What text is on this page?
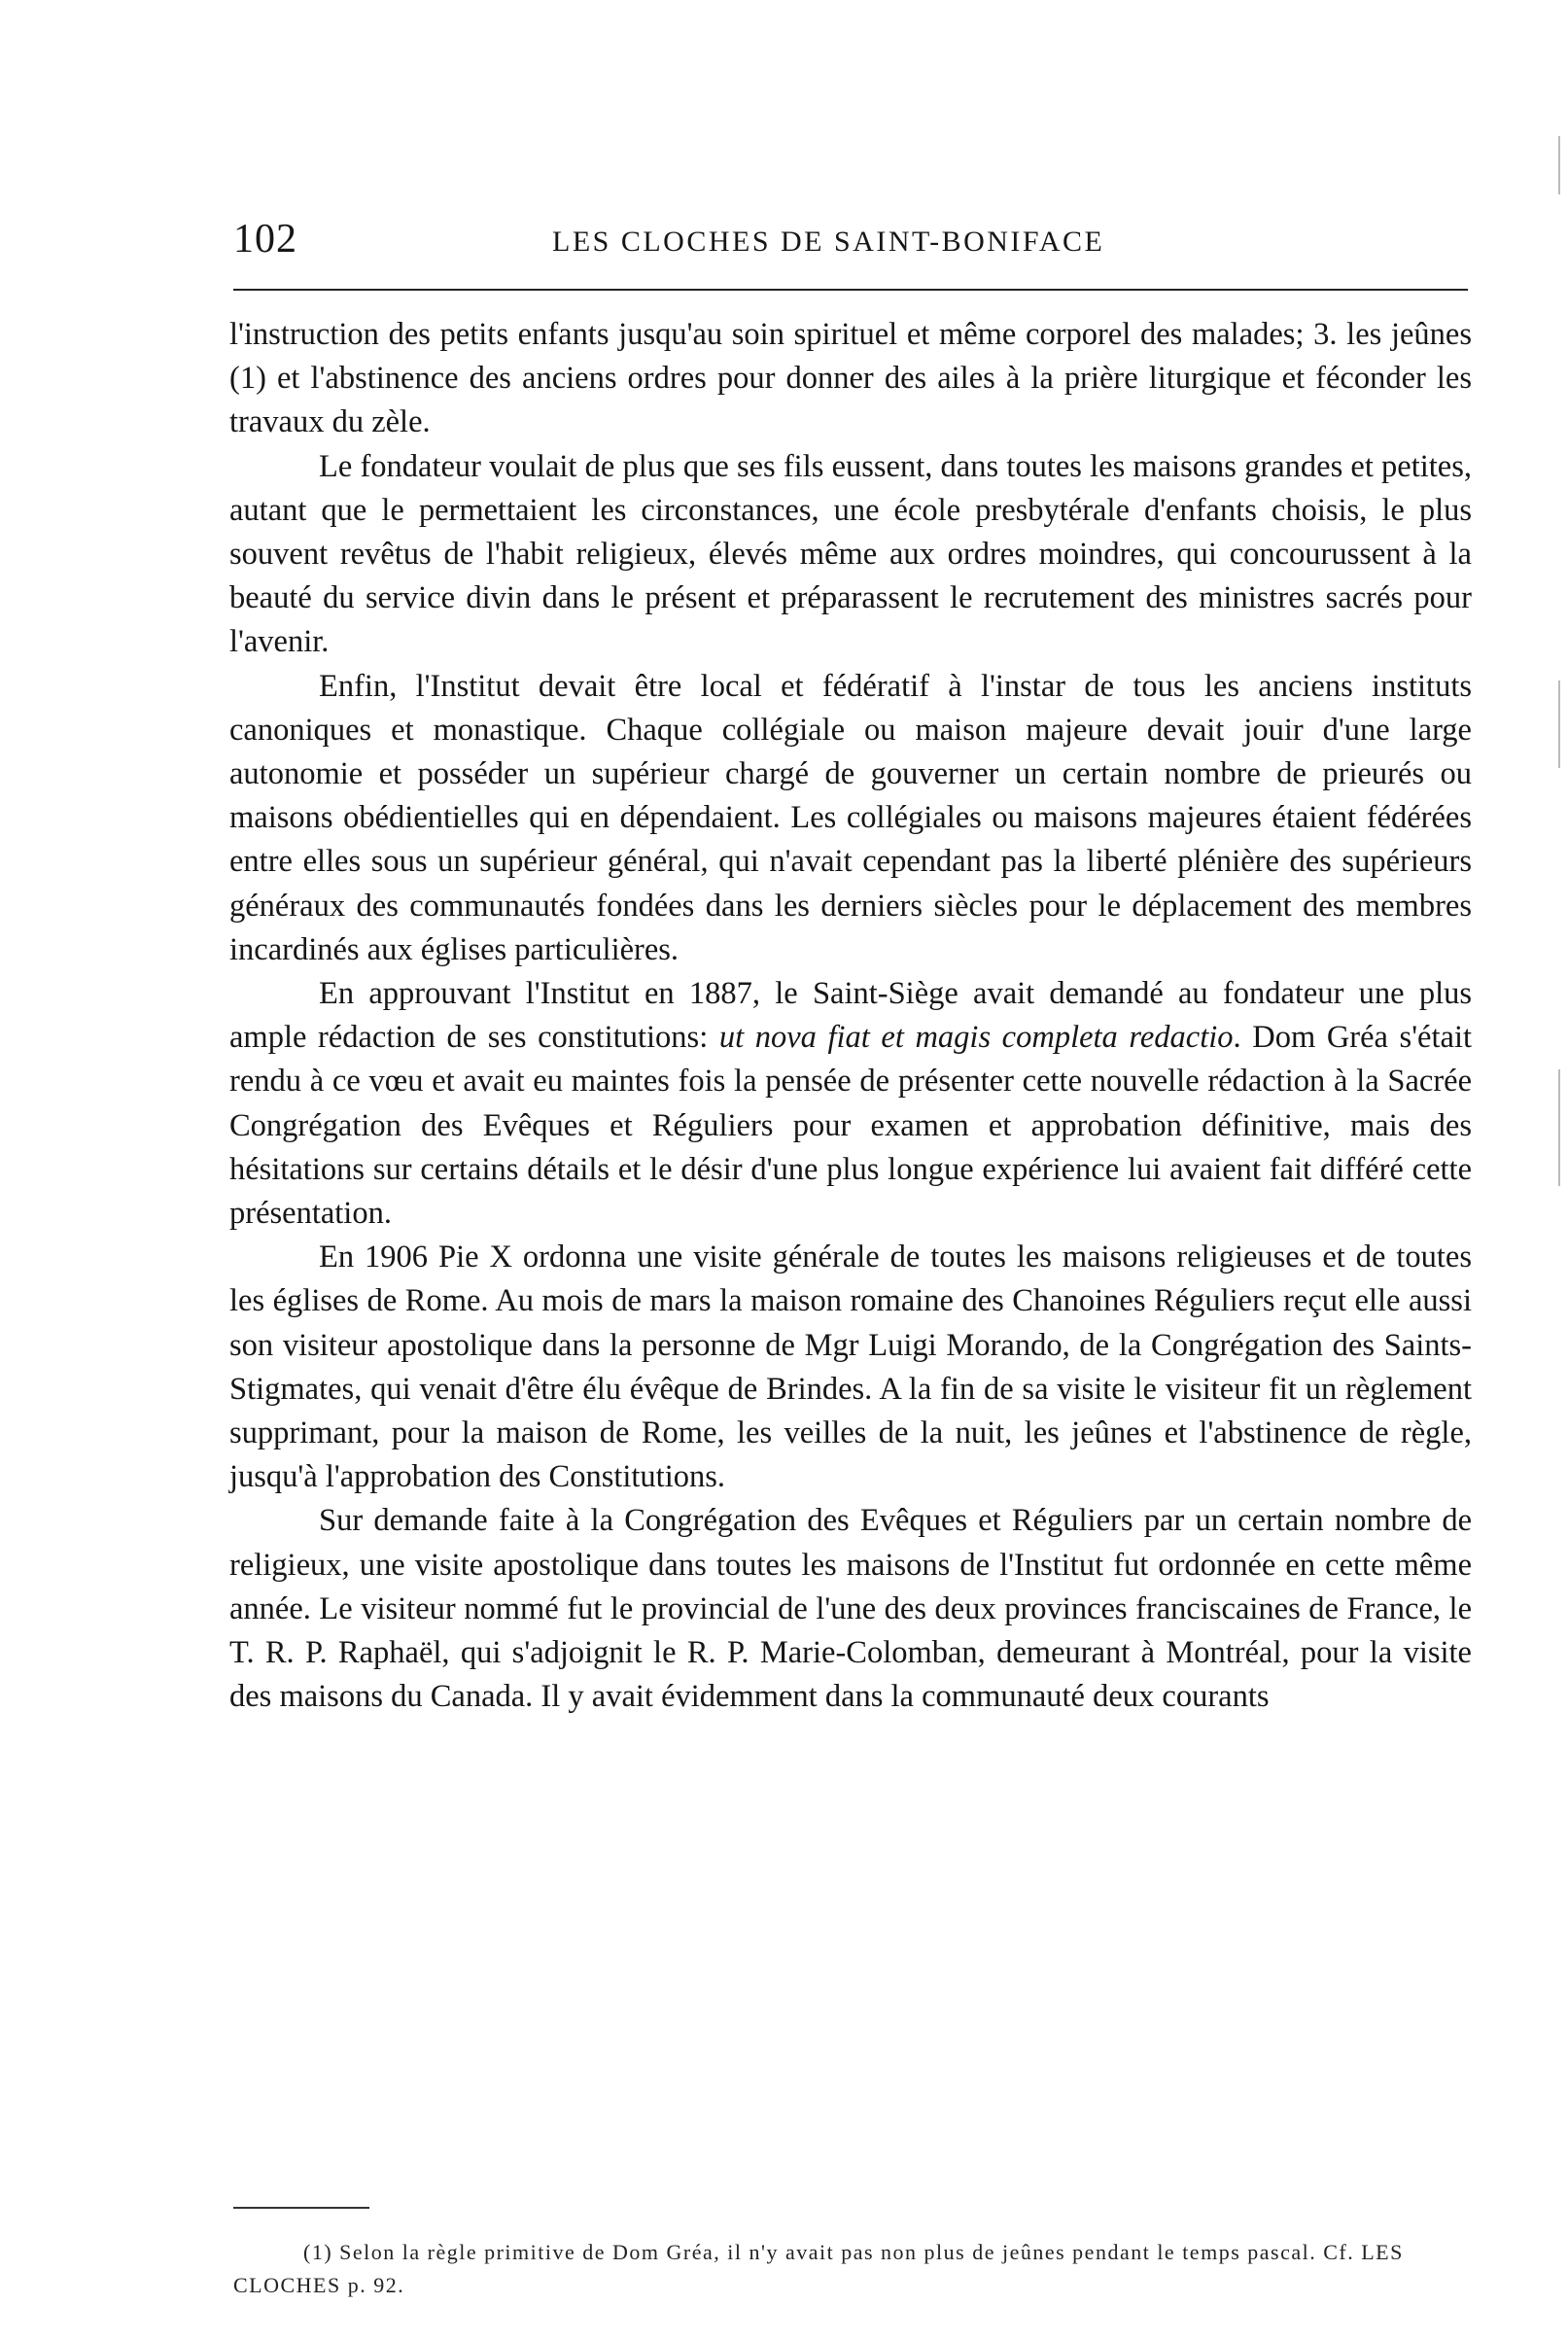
102	LES CLOCHES DE SAINT-BONIFACE

l'instruction des petits enfants jusqu'au soin spirituel et même corporel des malades; 3. les jeûnes (1) et l'abstinence des anciens ordres pour donner des ailes à la prière liturgique et féconder les travaux du zèle.

Le fondateur voulait de plus que ses fils eussent, dans toutes les maisons grandes et petites, autant que le permettaient les circonstances, une école presbytérale d'enfants choisis, le plus souvent revêtus de l'habit religieux, élevés même aux ordres moindres, qui concourussent à la beauté du service divin dans le présent et préparassent le recrutement des ministres sacrés pour l'avenir.

Enfin, l'Institut devait être local et fédératif à l'instar de tous les anciens instituts canoniques et monastique. Chaque collégiale ou maison majeure devait jouir d'une large autonomie et posséder un supérieur chargé de gouverner un certain nombre de prieurés ou maisons obédientielles qui en dépendaient. Les collégiales ou maisons majeures étaient fédérées entre elles sous un supérieur général, qui n'avait cependant pas la liberté plénière des supérieurs généraux des communautés fondées dans les derniers siècles pour le déplacement des membres incardinés aux églises particulières.

En approuvant l'Institut en 1887, le Saint-Siège avait demandé au fondateur une plus ample rédaction de ses constitutions: ut nova fiat et magis completa redactio. Dom Gréa s'était rendu à ce vœu et avait eu maintes fois la pensée de présenter cette nouvelle rédaction à la Sacrée Congrégation des Evêques et Réguliers pour examen et approbation définitive, mais des hésitations sur certains détails et le désir d'une plus longue expérience lui avaient fait différé cette présentation.

En 1906 Pie X ordonna une visite générale de toutes les maisons religieuses et de toutes les églises de Rome. Au mois de mars la maison romaine des Chanoines Réguliers reçut elle aussi son visiteur apostolique dans la personne de Mgr Luigi Morando, de la Congrégation des Saints-Stigmates, qui venait d'être élu évêque de Brindes. A la fin de sa visite le visiteur fit un règlement supprimant, pour la maison de Rome, les veilles de la nuit, les jeûnes et l'abstinence de règle, jusqu'à l'approbation des Constitutions.

Sur demande faite à la Congrégation des Evêques et Réguliers par un certain nombre de religieux, une visite apostolique dans toutes les maisons de l'Institut fut ordonnée en cette même année. Le visiteur nommé fut le provincial de l'une des deux provinces franciscaines de France, le T. R. P. Raphaël, qui s'adjoignit le R. P. Marie-Colomban, demeurant à Montréal, pour la visite des maisons du Canada. Il y avait évidemment dans la communauté deux courants

(1) Selon la règle primitive de Dom Gréa, il n'y avait pas non plus de jeûnes pendant le temps pascal. Cf. LES CLOCHES p. 92.
